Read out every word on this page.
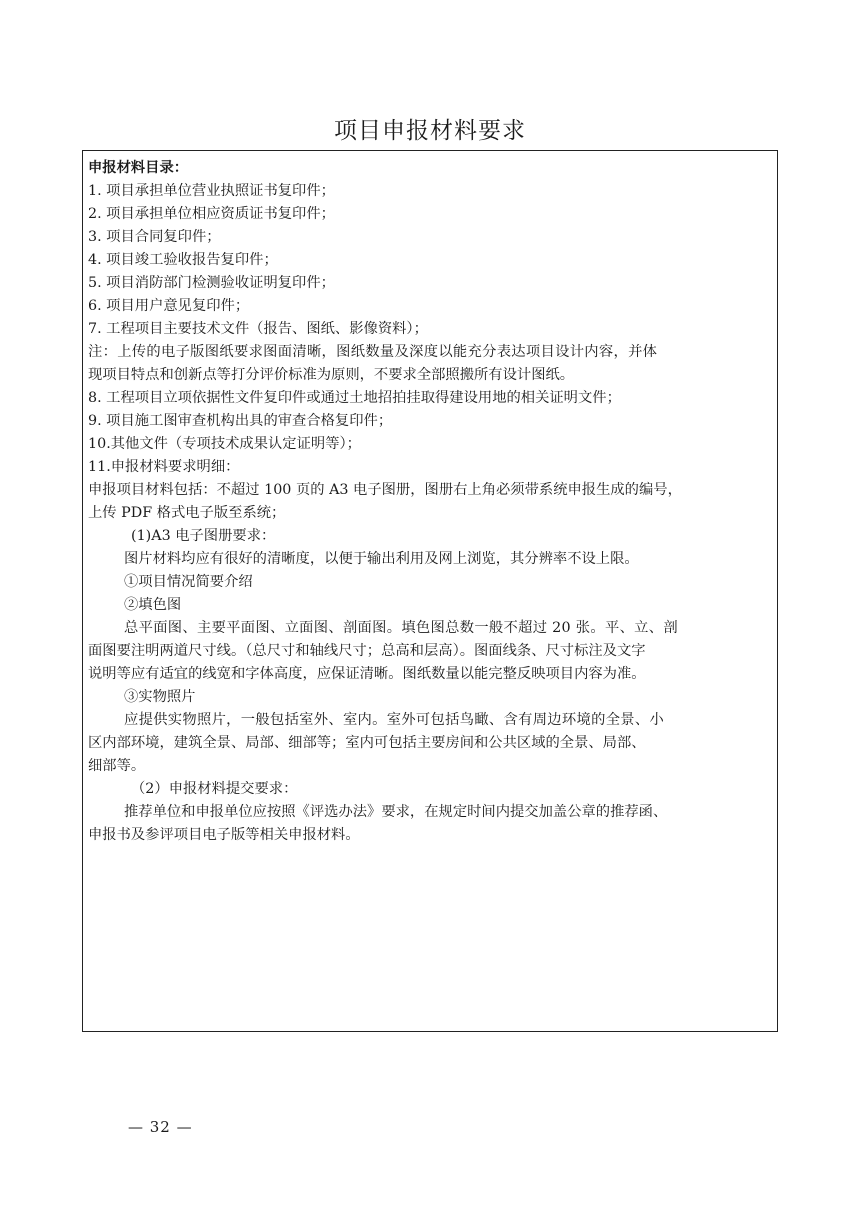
项目申报材料要求
申报材料目录：
1. 项目承担单位营业执照证书复印件；
2. 项目承担单位相应资质证书复印件；
3. 项目合同复印件；
4. 项目竣工验收报告复印件；
5. 项目消防部门检测验收证明复印件；
6. 项目用户意见复印件；
7. 工程项目主要技术文件（报告、图纸、影像资料）；
注：上传的电子版图纸要求图面清晰，图纸数量及深度以能充分表达项目设计内容，并体
现项目特点和创新点等打分评价标准为原则，不要求全部照搬所有设计图纸。
8. 工程项目立项依据性文件复印件或通过土地招拍挂取得建设用地的相关证明文件；
9. 项目施工图审查机构出具的审查合格复印件；
10.其他文件（专项技术成果认定证明等）；
11.申报材料要求明细：
申报项目材料包括：不超过 100 页的 A3 电子图册，图册右上角必须带系统申报生成的编号，
上传 PDF 格式电子版至系统；
(1)A3 电子图册要求：
图片材料均应有很好的清晰度，以便于输出利用及网上浏览，其分辨率不设上限。
①项目情况简要介绍
②填色图
总平面图、主要平面图、立面图、剖面图。填色图总数一般不超过 20 张。平、立、剖
面图要注明两道尺寸线。（总尺寸和轴线尺寸；总高和层高）。图面线条、尺寸标注及文字
说明等应有适宜的线宽和字体高度，应保证清晰。图纸数量以能完整反映项目内容为准。
③实物照片
应提供实物照片，一般包括室外、室内。室外可包括鸟瞰、含有周边环境的全景、小
区内部环境，建筑全景、局部、细部等；室内可包括主要房间和公共区域的全景、局部、
细部等。
（2）申报材料提交要求：
推荐单位和申报单位应按照《评选办法》要求，在规定时间内提交加盖公章的推荐函、
申报书及参评项目电子版等相关申报材料。
— 32 —
